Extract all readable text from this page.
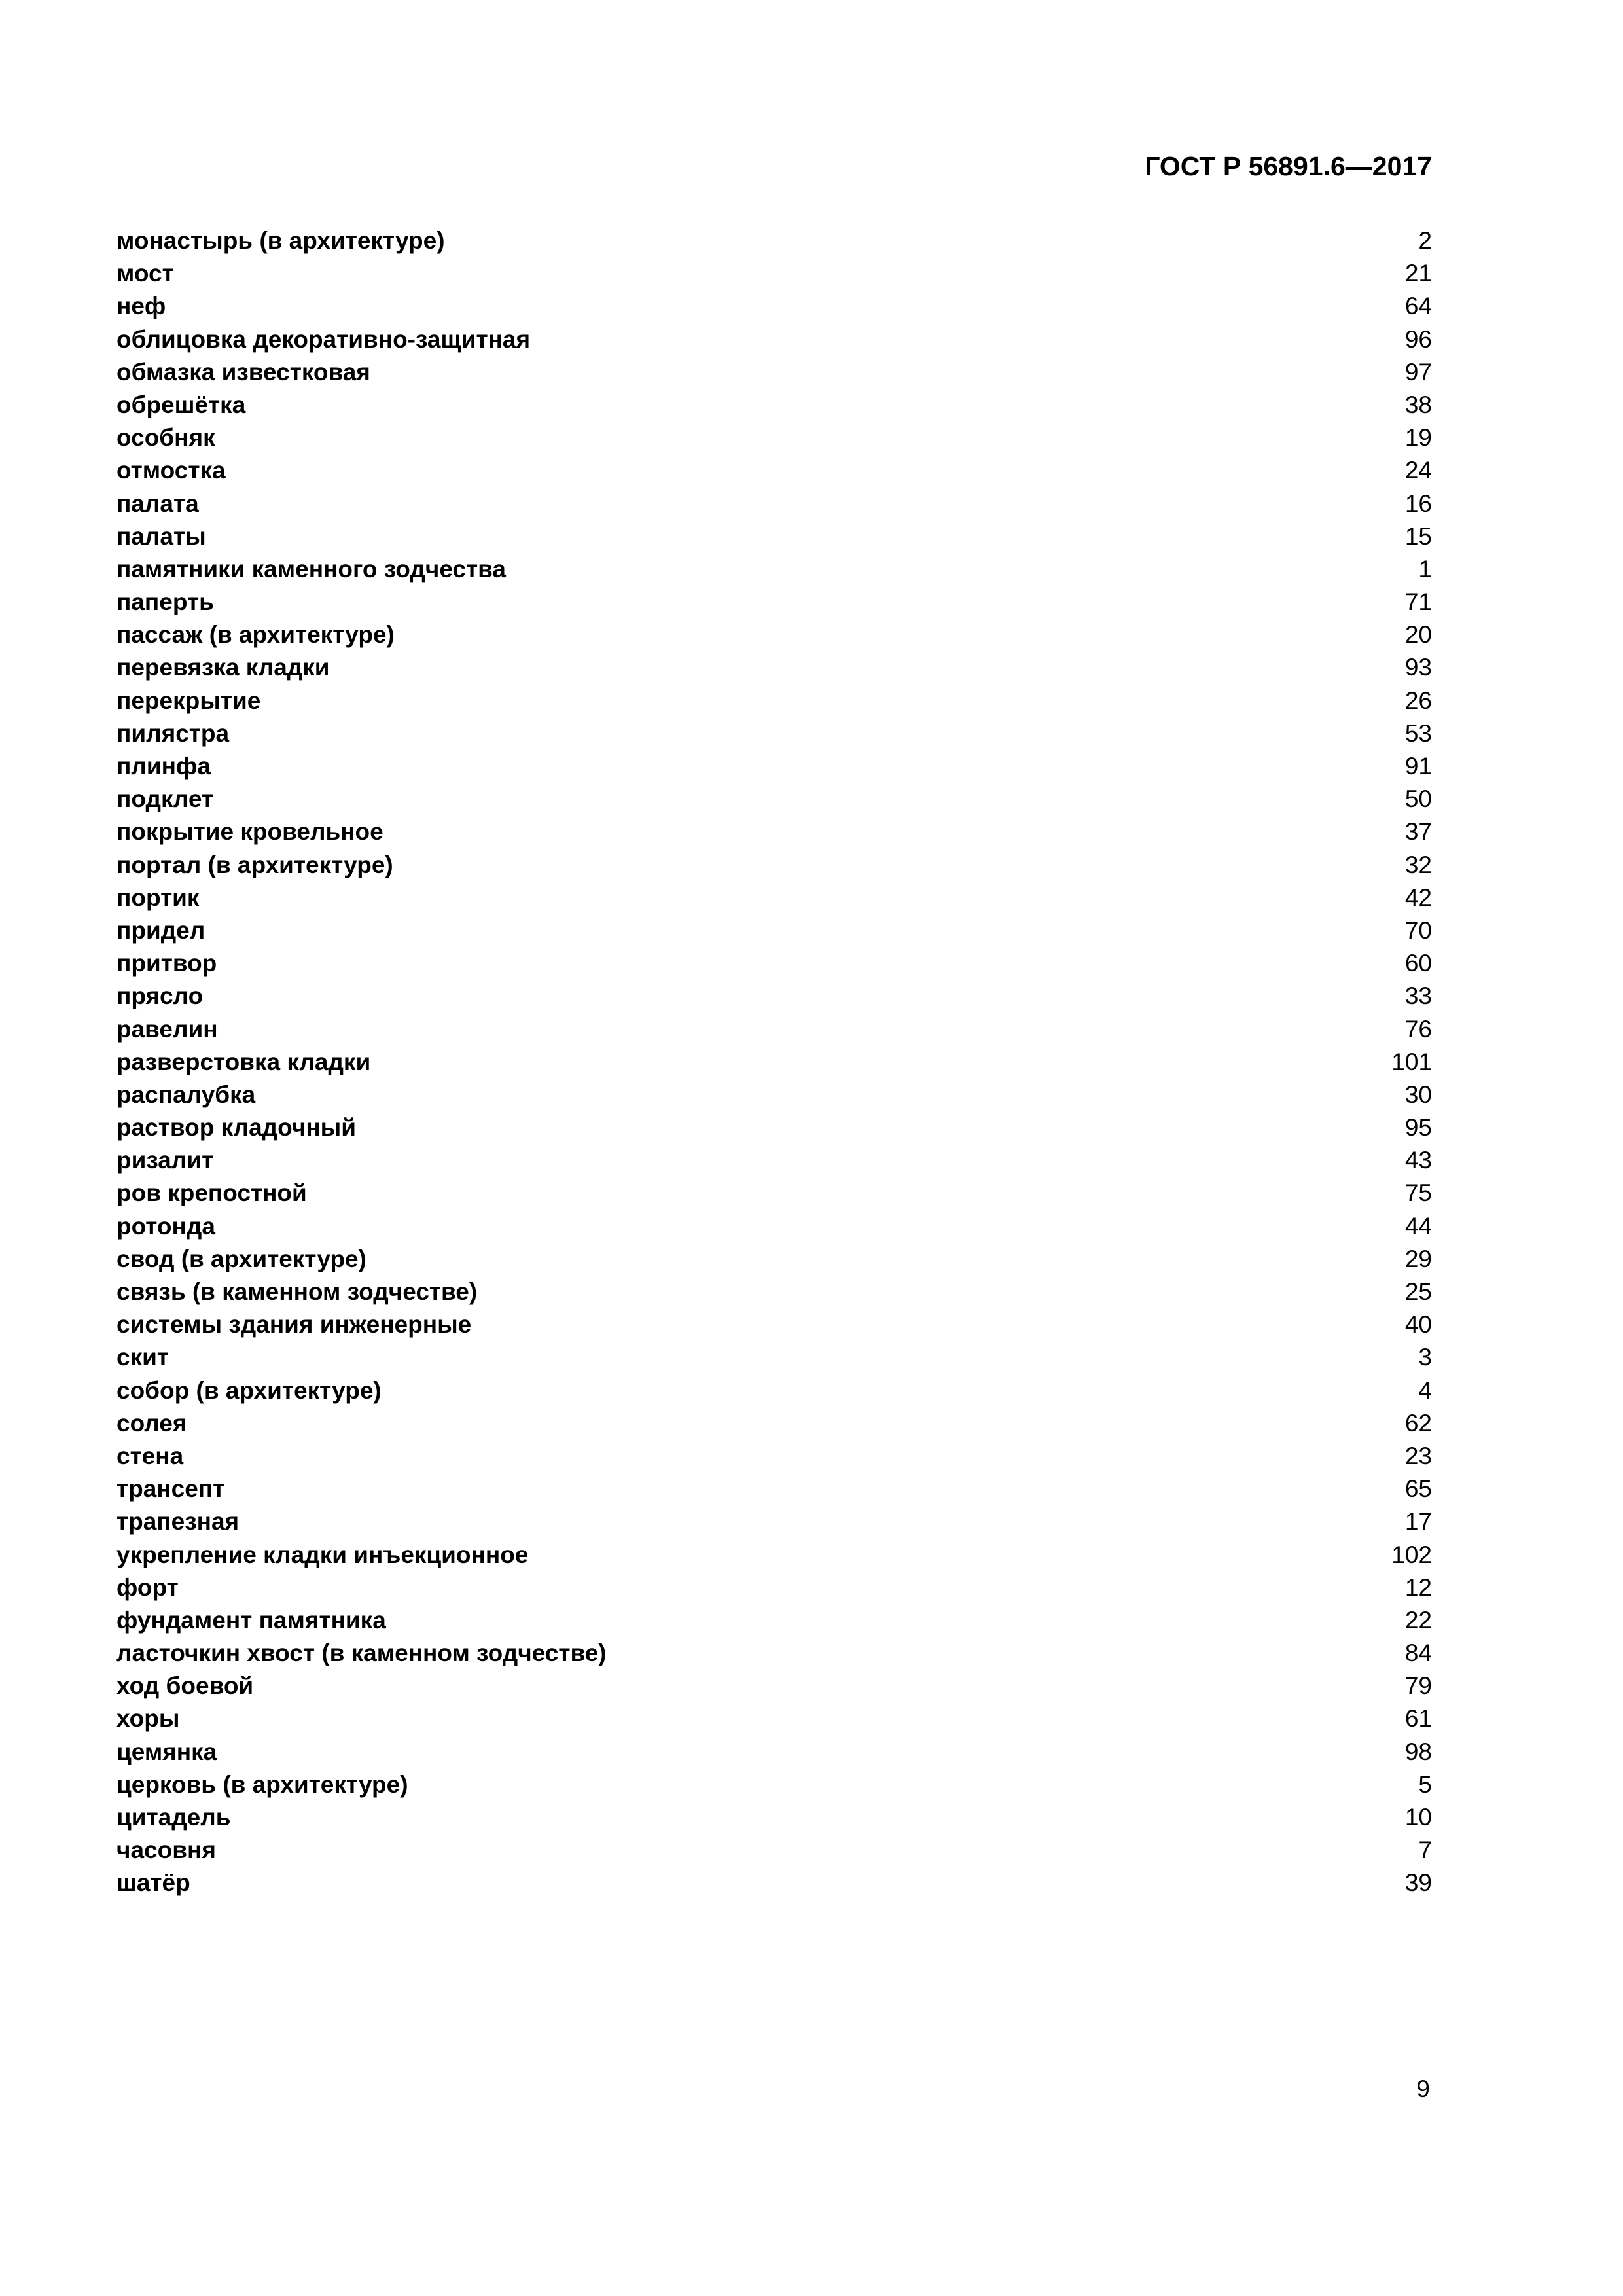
ГОСТ Р 56891.6—2017
монастырь (в архитектуре)	2
мост	21
неф	64
облицовка декоративно-защитная	96
обмазка известковая	97
обрешётка	38
особняк	19
отмостка	24
палата	16
палаты	15
памятники каменного зодчества	1
паперть	71
пассаж (в архитектуре)	20
перевязка кладки	93
перекрытие	26
пилястра	53
плинфа	91
подклет	50
покрытие кровельное	37
портал (в архитектуре)	32
портик	42
придел	70
притвор	60
прясло	33
равелин	76
разверстовка кладки	101
распалубка	30
раствор кладочный	95
ризалит	43
ров крепостной	75
ротонда	44
свод (в архитектуре)	29
связь (в каменном зодчестве)	25
системы здания инженерные	40
скит	3
собор (в архитектуре)	4
солея	62
стена	23
трансепт	65
трапезная	17
укрепление кладки инъекционное	102
форт	12
фундамент памятника	22
ласточкин хвост (в каменном зодчестве)	84
ход боевой	79
хоры	61
цемянка	98
церковь (в архитектуре)	5
цитадель	10
часовня	7
шатёр	39
9
